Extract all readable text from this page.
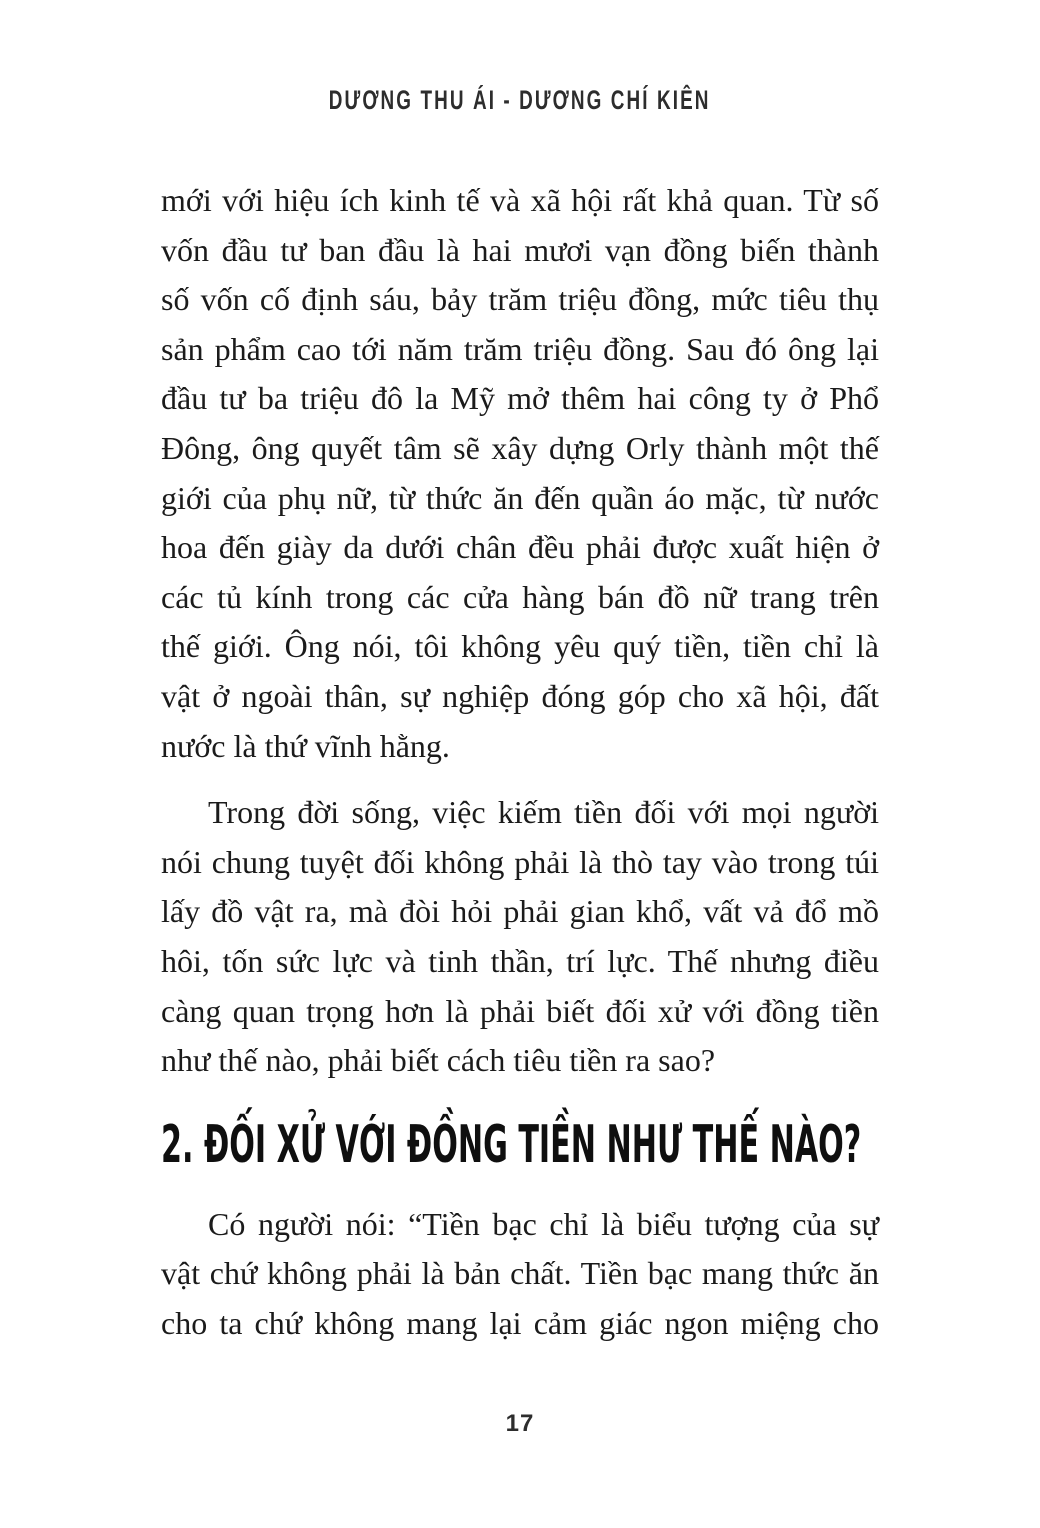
DƯƠNG THU ÁI - DƯƠNG CHÍ KIÊN
mới với hiệu ích kinh tế và xã hội rất khả quan. Từ số
vốn đầu tư ban đầu là hai mươi vạn đồng biến thành
số vốn cố định sáu, bảy trăm triệu đồng, mức tiêu thụ
sản phẩm cao tới năm trăm triệu đồng. Sau đó ông lại
đầu tư ba triệu đô la Mỹ mở thêm hai công ty ở Phổ
Đông, ông quyết tâm sẽ xây dựng Orly thành một thế
giới của phụ nữ, từ thức ăn đến quần áo mặc, từ nước
hoa đến giày da dưới chân đều phải được xuất hiện ở
các tủ kính trong các cửa hàng bán đồ nữ trang trên
thế giới. Ông nói, tôi không yêu quý tiền, tiền chỉ là
vật ở ngoài thân, sự nghiệp đóng góp cho xã hội, đất
nước là thứ vĩnh hằng.
Trong đời sống, việc kiếm tiền đối với mọi người
nói chung tuyệt đối không phải là thò tay vào trong túi
lấy đồ vật ra, mà đòi hỏi phải gian khổ, vất vả đổ mồ
hôi, tốn sức lực và tinh thần, trí lực. Thế nhưng điều
càng quan trọng hơn là phải biết đối xử với đồng tiền
như thế nào, phải biết cách tiêu tiền ra sao?
2. ĐỐI XỬ VỚI ĐỒNG TIỀN NHƯ THẾ NÀO?
Có người nói: “Tiền bạc chỉ là biểu tượng của sự
vật chứ không phải là bản chất. Tiền bạc mang thức ăn
cho ta chứ không mang lại cảm giác ngon miệng cho
17
